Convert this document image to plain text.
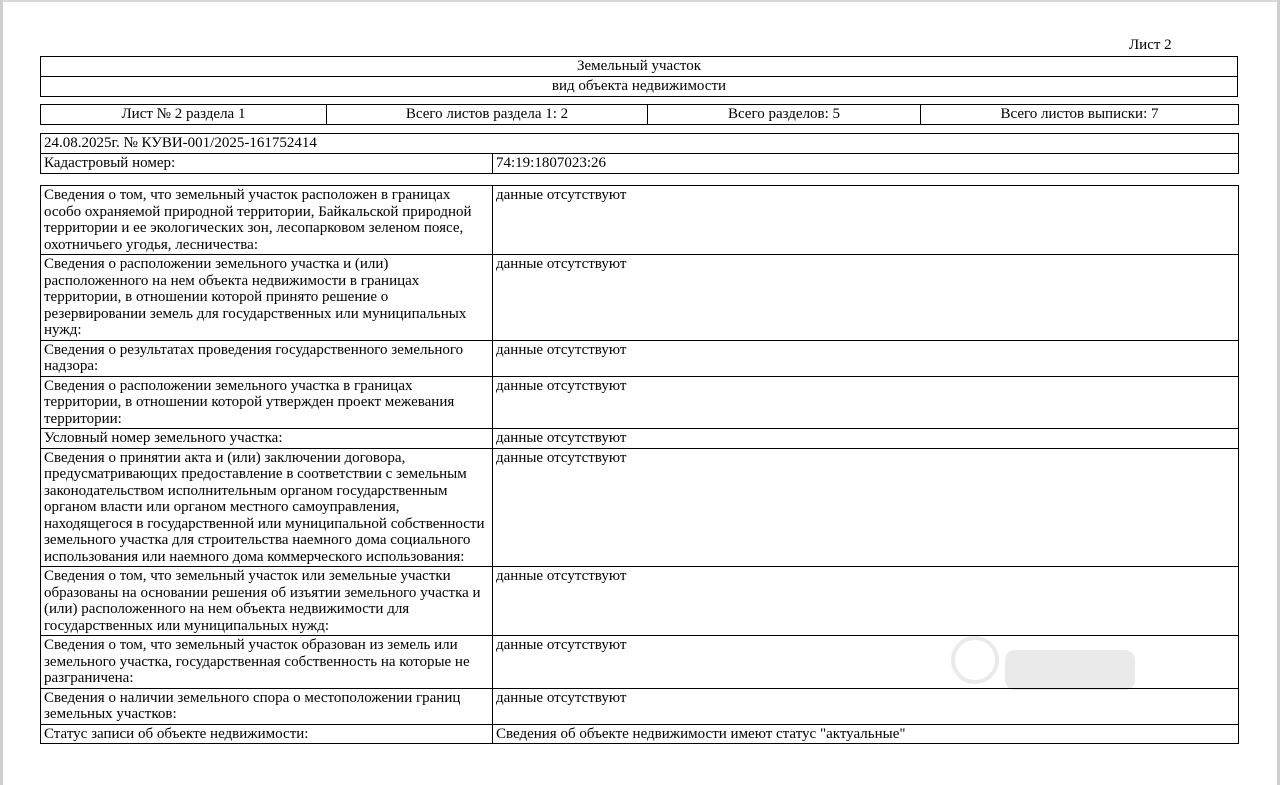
Лист 2
Земельный участок
вид объекта недвижимости
Лист № 2 раздела 1	Всего листов раздела 1: 2	Всего разделов: 5	Всего листов выписки: 7
24.08.2025г. № КУВИ-001/2025-161752414
Кадастровый номер:	74:19:1807023:26
Сведения о том, что земельный участок расположен в границах особо охраняемой природной территории, Байкальской природной территории и ее экологических зон, лесопарковом зеленом поясе, охотничьего угодья, лесничества:	данные отсутствуют
Сведения о расположении земельного участка и (или) расположенного на нем объекта недвижимости в границах территории, в отношении которой принято решение о резервировании земель для государственных или муниципальных нужд:	данные отсутствуют
Сведения о результатах проведения государственного земельного надзора:	данные отсутствуют
Сведения о расположении земельного участка в границах территории, в отношении которой утвержден проект межевания территории:	данные отсутствуют
Условный номер земельного участка:	данные отсутствуют
Сведения о принятии акта и (или) заключении договора, предусматривающих предоставление в соответствии с земельным законодательством исполнительным органом государственным органом власти или органом местного самоуправления, находящегося в государственной или муниципальной собственности земельного участка для строительства наемного дома социального использования или наемного дома коммерческого использования:	данные отсутствуют
Сведения о том, что земельный участок или земельные участки образованы на основании решения об изъятии земельного участка и (или) расположенного на нем объекта недвижимости для государственных или муниципальных нужд:	данные отсутствуют
Сведения о том, что земельный участок образован из земель или земельного участка, государственная собственность на которые не разграничена:	данные отсутствуют
Сведения о наличии земельного спора о местоположении границ земельных участков:	данные отсутствуют
Статус записи об объекте недвижимости:	Сведения об объекте недвижимости имеют статус "актуальные"
